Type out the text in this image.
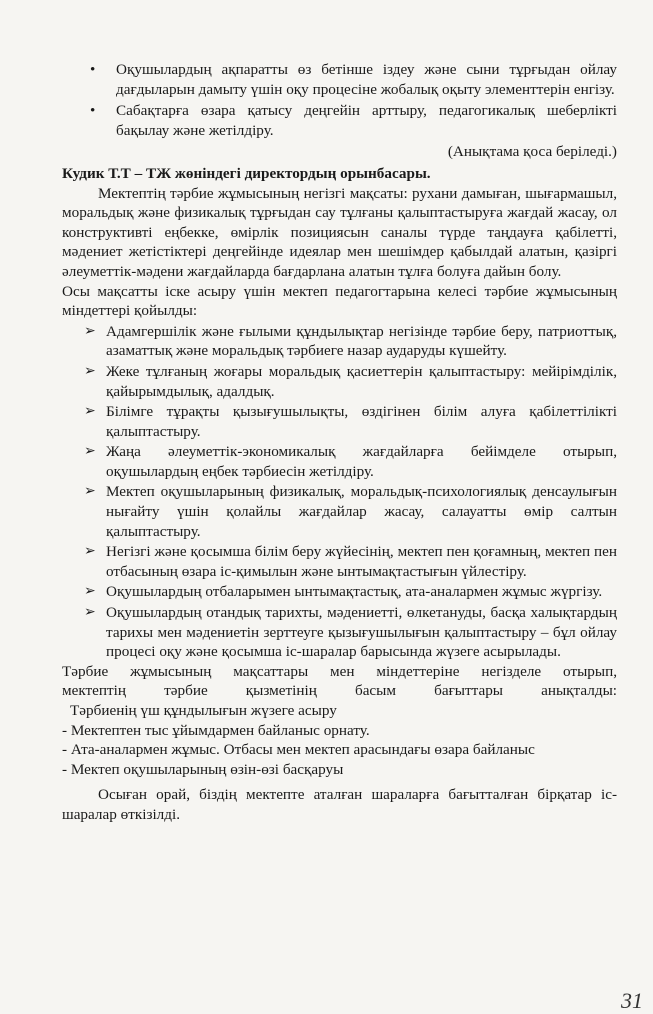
• Оқушылардың ақпаратты өз бетінше іздеу және сыни тұрғыдан ойлау дағдыларын дамыту үшін оқу процесіне жобалық оқыту элементтерін енгізу.
• Сабақтарға өзара қатысу деңгейін арттыру, педагогикалық шеберлікті бақылау және жетілдіру.

(Анықтама қоса беріледі.)

Кудик Т.Т – ТЖ жөніндегі директордың орынбасары.

Мектептің тәрбие жұмысының негізгі мақсаты: рухани дамыған, шығармашыл, моральдық және физикалық тұрғыдан сау тұлғаны қалыптастыруға жағдай жасау, ол конструктивті еңбекке, өмірлік позициясын саналы түрде таңдауға қабілетті, мәдениет жетістіктері деңгейінде идеялар мен шешімдер қабылдай алатын, қазіргі әлеуметтік-мәдени жағдайларда бағдарлана алатын тұлға болуға дайын болу.

Осы мақсатты іске асыру үшін мектеп педагогтарына келесі тәрбие жұмысының міндеттері қойылды:

➢ Адамгершілік және ғылыми құндылықтар негізінде тәрбие беру, патриоттық, азаматтық және моральдық тәрбиеге назар аударуды күшейту.
➢ Жеке тұлғаның жоғары моральдық қасиеттерін қалыптастыру: мейірімділік, қайырымдылық, адалдық.
➢ Білімге тұрақты қызығушылықты, өздігінен білім алуға қабілеттілікті қалыптастыру.
➢ Жаңа әлеуметтік-экономикалық жағдайларға бейімделе отырып, оқушылардың еңбек тәрбиесін жетілдіру.
➢ Мектеп оқушыларының физикалық, моральдық-психологиялық денсаулығын нығайту үшін қолайлы жағдайлар жасау, салауатты өмір салтын қалыптастыру.
➢ Негізгі және қосымша білім беру жүйесінің, мектеп пен қоғамның, мектеп пен отбасының өзара іс-қимылын және ынтымақтастығын үйлестіру.
➢ Оқушылардың отбаларымен ынтымақтастық, ата-аналармен жұмыс жүргізу.
➢ Оқушылардың отандық тарихты, мәдениетті, өлкетануды, басқа халықтардың тарихы мен мәдениетін зерттеуге қызығушылығын қалыптастыру – бұл ойлау процесі оқу және қосымша іс-шаралар барысында жүзеге асырылады.

Тәрбие жұмысының мақсаттары мен міндеттеріне негізделе отырып,

мектептің тәрбие қызметінің басым бағыттары анықталды:

Тәрбиенің үш құндылығын жүзеге асыру

- Мектептен тыс ұйымдармен байланыс орнату.

- Ата-аналармен жұмыс. Отбасы мен мектеп арасындағы өзара байланыс

- Мектеп оқушыларының өзін-өзі басқаруы

Осыған орай, біздің мектепте аталған шараларға бағытталған бірқатар іс-шаралар өткізілді.

31
